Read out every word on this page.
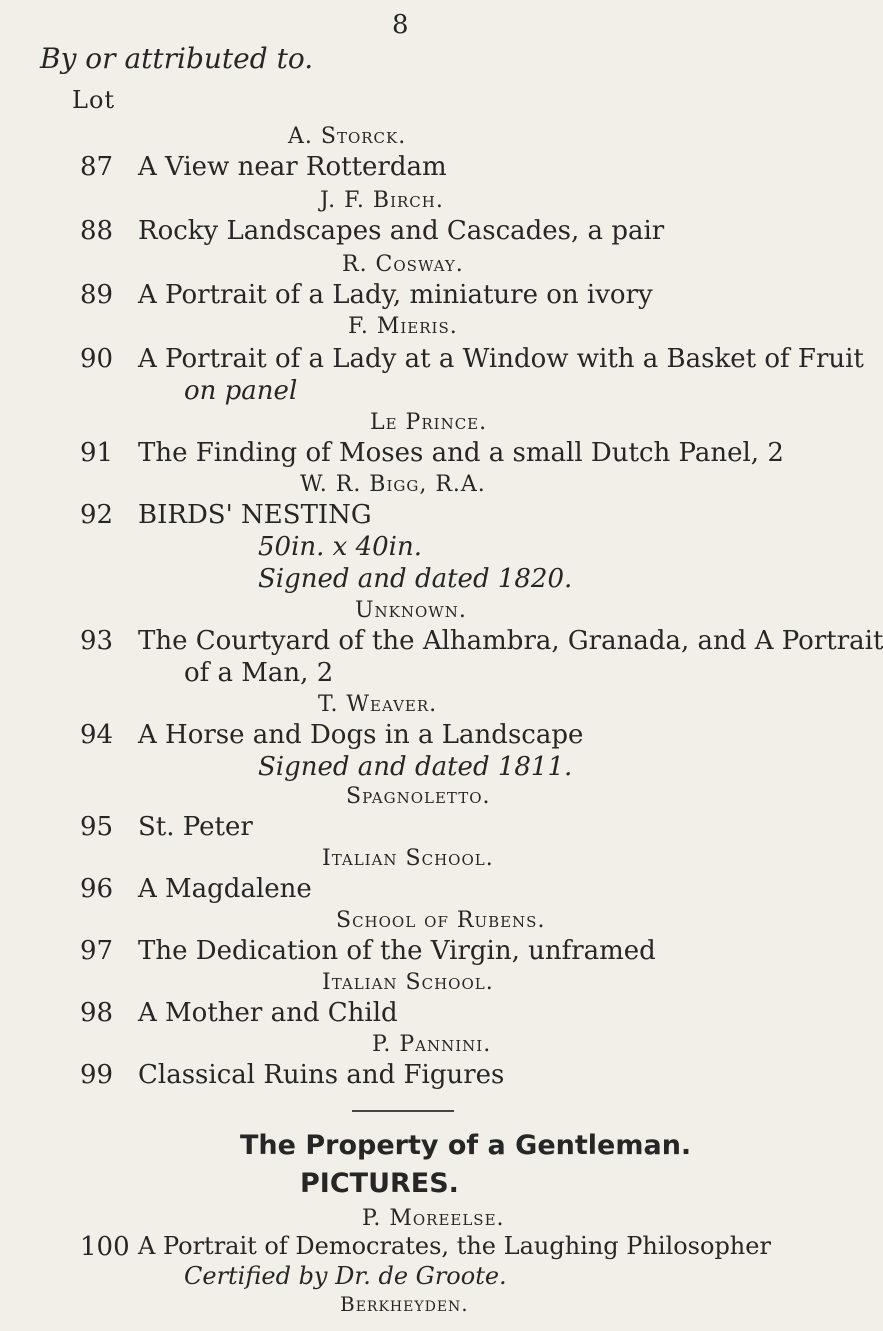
8
By or attributed to.
Lot
A. Storck.
87 A View near Rotterdam
J. F. Birch.
88 Rocky Landscapes and Cascades, a pair
R. Cosway.
89 A Portrait of a Lady, miniature on ivory
F. Mieris.
90 A Portrait of a Lady at a Window with a Basket of Fruit
on panel
Le Prince.
91 The Finding of Moses and a small Dutch Panel, 2
W. R. Bigg, R.A.
92 BIRDS' NESTING
50in. x 40in.
Signed and dated 1820.
Unknown.
93 The Courtyard of the Alhambra, Granada, and A Portrait
of a Man, 2
T. Weaver.
94 A Horse and Dogs in a Landscape
Signed and dated 1811.
Spagnoletto.
95 St. Peter
Italian School.
96 A Magdalene
School of Rubens.
97 The Dedication of the Virgin, unframed
Italian School.
98 A Mother and Child
P. Pannini.
99 Classical Ruins and Figures
The Property of a Gentleman.
PICTURES.
P. Moreelse.
100 A Portrait of Democrates, the Laughing Philosopher
Certified by Dr. de Groote.
Berkheyden.
